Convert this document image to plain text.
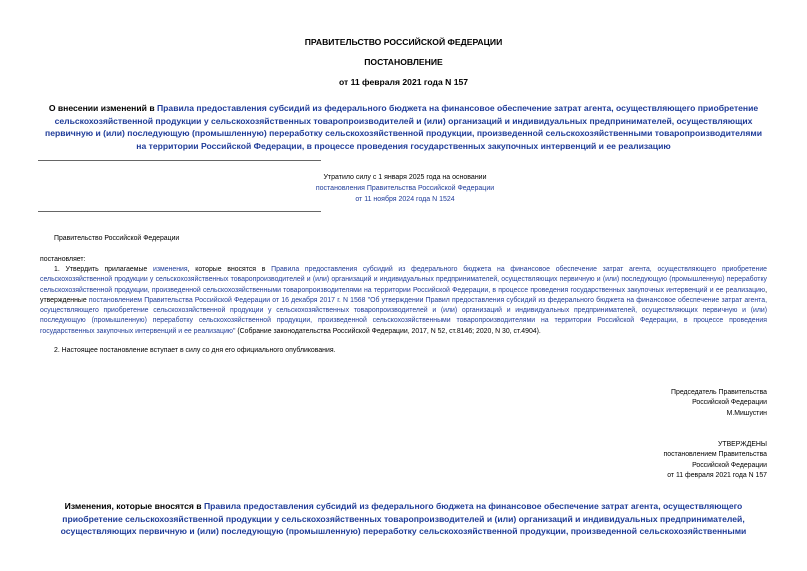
ПРАВИТЕЛЬСТВО РОССИЙСКОЙ ФЕДЕРАЦИИ
ПОСТАНОВЛЕНИЕ
от 11 февраля 2021 года N 157
О внесении изменений в Правила предоставления субсидий из федерального бюджета на финансовое обеспечение затрат агента, осуществляющего приобретение сельскохозяйственной продукции у сельскохозяйственных товаропроизводителей и (или) организаций и индивидуальных предпринимателей, осуществляющих первичную и (или) последующую (промышленную) переработку сельскохозяйственной продукции, произведенной сельскохозяйственными товаропроизводителями на территории Российской Федерации, в процессе проведения государственных закупочных интервенций и ее реализацию
Утратило силу с 1 января 2025 года на основании
постановления Правительства Российской Федерации
от 11 ноября 2024 года N 1524
Правительство Российской Федерации
постановляет:
1. Утвердить прилагаемые изменения, которые вносятся в Правила предоставления субсидий из федерального бюджета на финансовое обеспечение затрат агента, осуществляющего приобретение сельскохозяйственной продукции у сельскохозяйственных товаропроизводителей и (или) организаций и индивидуальных предпринимателей, осуществляющих первичную и (или) последующую (промышленную) переработку сельскохозяйственной продукции, произведенной сельскохозяйственными товаропроизводителями на территории Российской Федерации, в процессе проведения государственных закупочных интервенций и ее реализацию, утвержденные постановлением Правительства Российской Федерации от 16 декабря 2017 г. N 1568 "Об утверждении Правил предоставления субсидий из федерального бюджета на финансовое обеспечение затрат агента, осуществляющего приобретение сельскохозяйственной продукции у сельскохозяйственных товаропроизводителей и (или) организаций и индивидуальных предпринимателей, осуществляющих первичную и (или) последующую (промышленную) переработку сельскохозяйственной продукции, произведенной сельскохозяйственными товаропроизводителями на территории Российской Федерации, в процессе проведения государственных закупочных интервенций и ее реализацию" (Собрание законодательства Российской Федерации, 2017, N 52, ст.8146; 2020, N 30, ст.4904).
2. Настоящее постановление вступает в силу со дня его официального опубликования.
Председатель Правительства
Российской Федерации
М.Мишустин
УТВЕРЖДЕНЫ
постановлением Правительства
Российской Федерации
от 11 февраля 2021 года N 157
Изменения, которые вносятся в Правила предоставления субсидий из федерального бюджета на финансовое обеспечение затрат агента, осуществляющего приобретение сельскохозяйственной продукции у сельскохозяйственных товаропроизводителей и (или) организаций и индивидуальных предпринимателей, осуществляющих первичную и (или) последующую (промышленную) переработку сельскохозяйственной продукции, произведенной сельскохозяйственными
